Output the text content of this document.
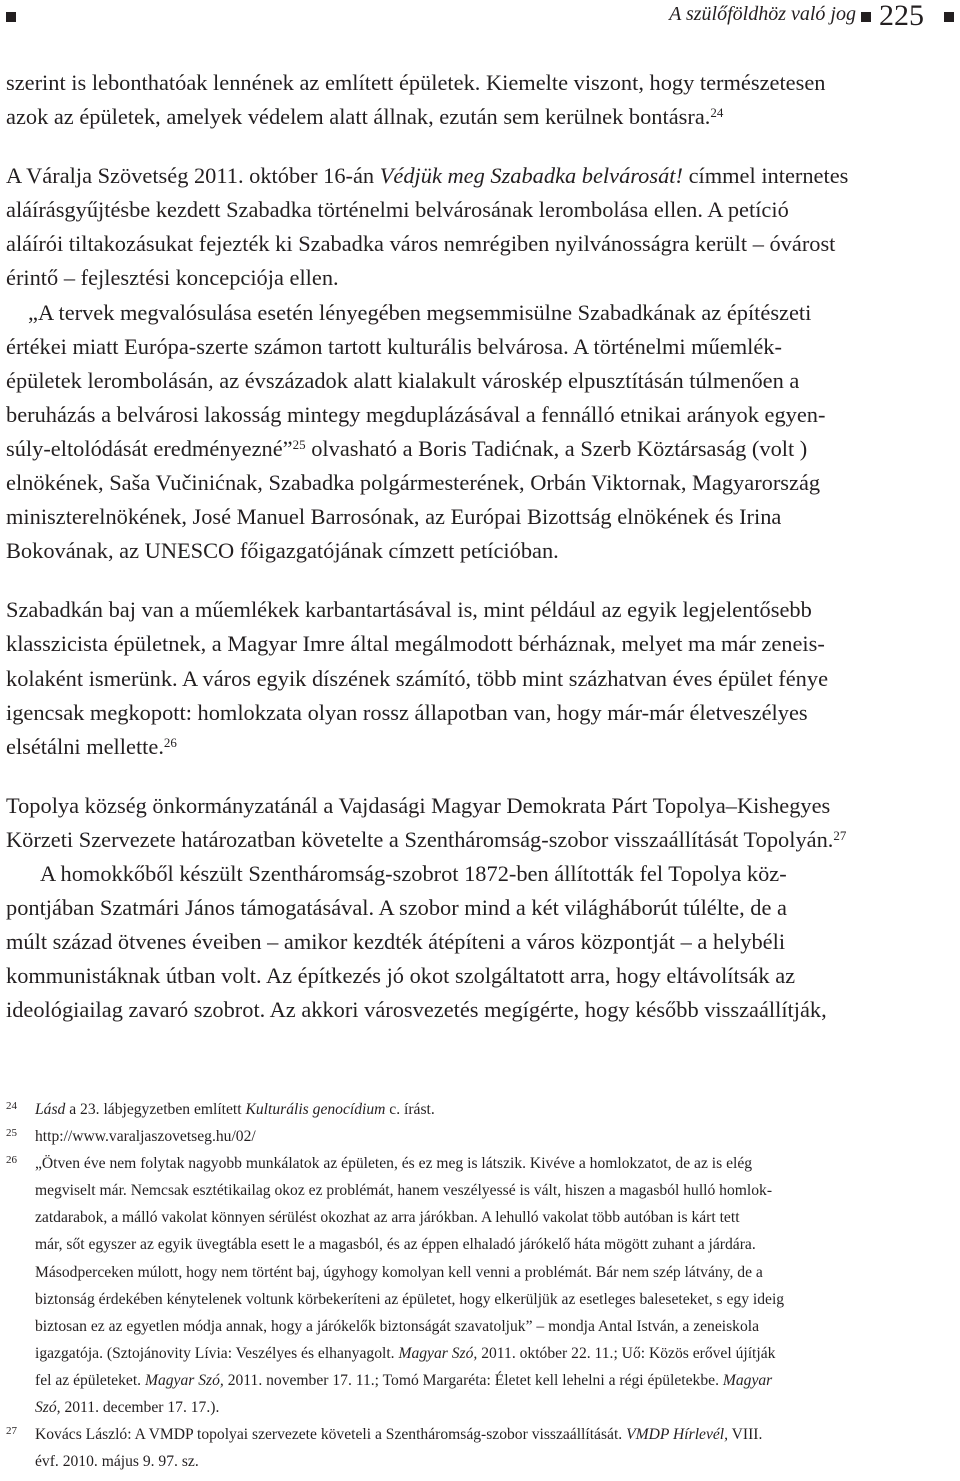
A szülőföldhöz való jog 225
szerint is lebonthatóak lennének az említett épületek. Kiemelte viszont, hogy természetesen
azok az épületek, amelyek védelem alatt állnak, ezután sem kerülnek bontásra.$^{24}$
A Váralja Szövetség 2011. október 16-án Védjük meg Szabadka belvárosát! címmel internetes
aláírásgyűjtésbe kezdett Szabadka történelmi belvárosának lerombolása ellen. A petíció
aláírói tiltakozásukat fejezték ki Szabadka város nemrégiben nyilvánosságra került – óvárost
érintő – fejlesztési koncepciója ellen.
„A tervek megvalósulása esetén lényegében megsemmisülne Szabadkának az építészeti
értékei miatt Európa-szerte számon tartott kulturális belvárosa. A történelmi műemlék-
épületek lerombolásán, az évszázadok alatt kialakult városkép elpusztításán túlmenően a
beruházás a belvárosi lakosság mintegy megduplázásával a fennálló etnikai arányok egyen-
súly-eltolódását eredményezné”$^{25}$ olvasható a Boris Tadićnak, a Szerb Köztársaság (volt )
elnökének, Saša Vučinićnak, Szabadka polgármesterének, Orbán Viktornak, Magyarország
miniszterelnökének, José Manuel Barrosónak, az Európai Bizottság elnökének és Irina
Bokovának, az UNESCO főigazgatójának címzett petícióban.
Szabadkán baj van a műemlékek karbantartásával is, mint például az egyik legjelentősebb
klasszicista épületnek, a Magyar Imre által megálmodott bérháznak, melyet ma már zeneis-
kolaként ismerünk. A város egyik díszének számító, több mint százhatvan éves épület fénye
igencsak megkopott: homlokzata olyan rossz állapotban van, hogy már-már életveszélyes
elsétálni mellette.$^{26}$
Topolya község önkormányzatánál a Vajdasági Magyar Demokrata Párt Topolya–Kishegyes
Körzeti Szervezete határozatban követelte a Szentháromság-szobor visszaállítását Topolyán.$^{27}$
A homokkőből készült Szentháromság-szobrot 1872-ben állították fel Topolya köz-
pontjában Szatmári János támogatásával. A szobor mind a két világháborút túlélte, de a
múlt század ötvenes éveiben – amikor kezdték átépíteni a város központját – a helybéli
kommunistáknak útban volt. Az építkezés jó okot szolgáltatott arra, hogy eltávolítsák az
ideológiailag zavaró szobrot. Az akkori városvezetés megígérte, hogy később visszaállítják,
24 Lásd a 23. lábjegyzetben említett Kulturális genocídium c. írást.
25 http://www.varaljaszovetseg.hu/02/
26 „Ötven éve nem folytak nagyobb munkálatok az épületen, és ez meg is látszik. Kivéve a homlokzatot, de az is elég
megviselt már. Nemcsak esztétikailag okoz ez problémát, hanem veszélyessé is vált, hiszen a magasból hulló homlok-
zatdarabok, a málló vakolat könnyen sérülést okozhat az arra járókban. A lehulló vakolat több autóban is kárt tett
már, sőt egyszer az egyik üvegtábla esett le a magasból, és az éppen elhaladó járókelő háta mögött zuhant a járdára.
Másodperceken múlott, hogy nem történt baj, úgyhogy komolyan kell venni a problémát. Bár nem szép látvány, de a
biztonság érdekében kénytelenek voltunk körbekeríteni az épületet, hogy elkerüljük az esetleges baleseteket, s egy ideig
biztosan ez az egyetlen módja annak, hogy a járókelők biztonságát szavatoljuk” – mondja Antal István, a zeneiskola
igazgatója. (Sztojánovity Lívia: Veszélyes és elhanyagolt. Magyar Szó, 2011. október 22. 11.; Uő: Közös erővel újítják
fel az épületeket. Magyar Szó, 2011. november 17. 11.; Tomó Margaréta: Életet kell lehelni a régi épületekbe. Magyar
Szó, 2011. december 17. 17.).
27 Kovács László: A VMDP topolyai szervezete követeli a Szentháromság-szobor visszaállítását. VMDP Hírlevél, VIII.
évf. 2010. május 9. 97. sz.
